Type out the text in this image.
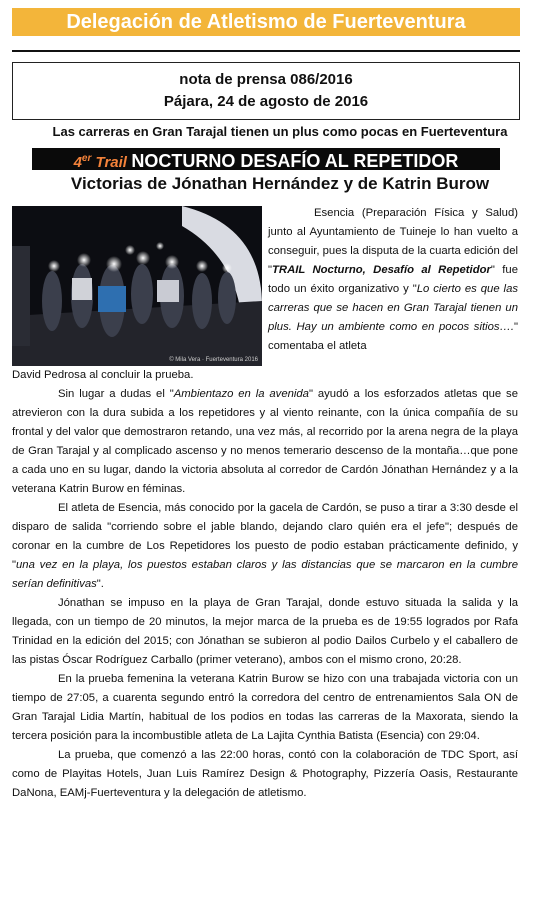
Delegación de Atletismo de Fuerteventura
nota de prensa 086/2016
Pájara, 24 de agosto de 2016
Las carreras en Gran Tarajal tienen un plus como pocas en Fuerteventura
4er Trail NOCTURNO DESAFÍO AL REPETIDOR
Victorias de Jónathan Hernández y de Katrin Burow
© Mila Vera · Fuerteventura 2016
Esencia (Preparación Física y Salud) junto al Ayuntamiento de Tuineje lo han vuelto a conseguir, pues la disputa de la cuarta edición del "TRAIL Nocturno, Desafío al Repetidor" fue todo un éxito organizativo y "Lo cierto es que las carreras que se hacen en Gran Tarajal tienen un plus. Hay un ambiente como en pocos sitios…." comentaba el atleta

David Pedrosa al concluir la prueba.

Sin lugar a dudas el "Ambientazo en la avenida" ayudó a los esforzados atletas que se atrevieron con la dura subida a los repetidores y al viento reinante, con la única compañía de su frontal y del valor que demostraron retando, una vez más, al recorrido por la arena negra de la playa de Gran Tarajal y al complicado ascenso y no menos temerario descenso de la montaña…que pone a cada uno en su lugar, dando la victoria absoluta al corredor de Cardón Jónathan Hernández y a la veterana Katrin Burow en féminas.

El atleta de Esencia, más conocido por la gacela de Cardón, se puso a tirar a 3:30 desde el disparo de salida "corriendo sobre el jable blando, dejando claro quién era el jefe"; después de coronar en la cumbre de Los Repetidores los puesto de podio estaban prácticamente definido, y "una vez en la playa, los puestos estaban claros y las distancias que se marcaron en la cumbre serían definitivas".

Jónathan se impuso en la playa de Gran Tarajal, donde estuvo situada la salida y la llegada, con un tiempo de 20 minutos, la mejor marca de la prueba es de 19:55 logrados por Rafa Trinidad en la edición del 2015; con Jónathan se subieron al podio Dailos Curbelo y el caballero de las pistas Óscar Rodríguez Carballo (primer veterano), ambos con el mismo crono, 20:28.

En la prueba femenina la veterana Katrin Burow se hizo con una trabajada victoria con un tiempo de 27:05, a cuarenta segundo entró la corredora del centro de entrenamientos Sala ON de Gran Tarajal Lidia Martín, habitual de los podios en todas las carreras de la Maxorata, siendo la tercera posición para la incombustible atleta de La Lajita Cynthia Batista (Esencia) con 29:04.

La prueba, que comenzó a las 22:00 horas, contó con la colaboración de TDC Sport, así como de Playitas Hotels, Juan Luis Ramírez Design & Photography, Pizzería Oasis, Restaurante DaNona, EAMj-Fuerteventura y la delegación de atletismo.
